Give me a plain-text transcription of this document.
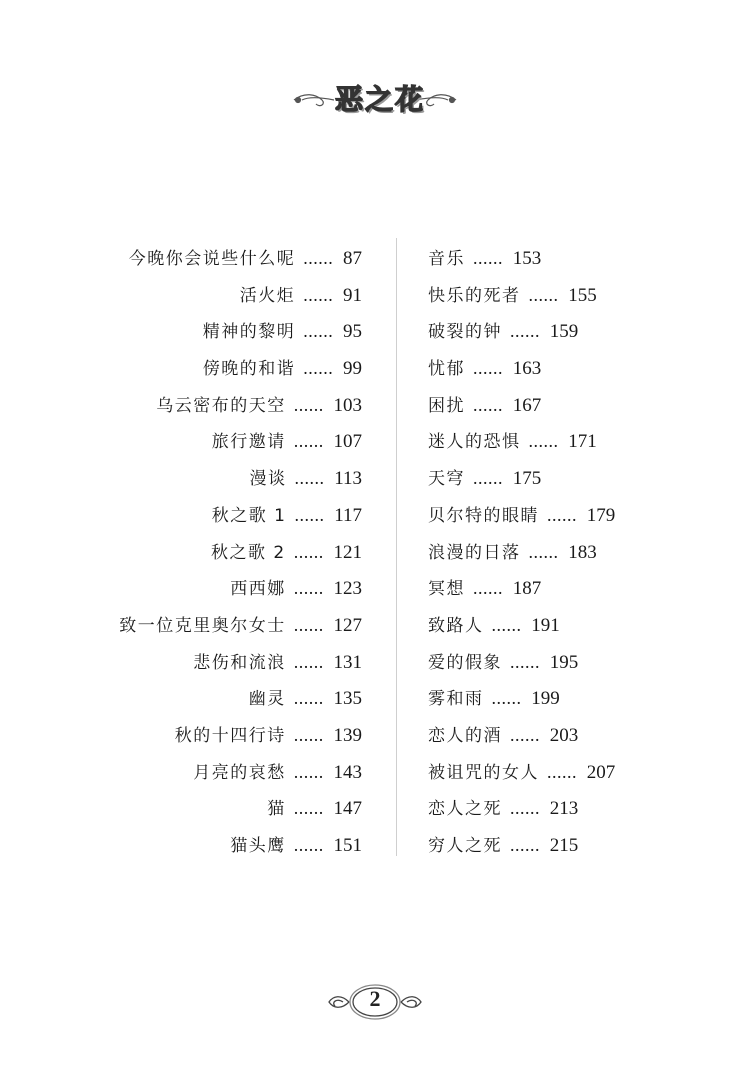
恶之花
今晚你会说些什么呢 ...... 87
活火炬 ...... 91
精神的黎明 ...... 95
傍晚的和谐 ...... 99
乌云密布的天空 ...... 103
旅行邀请 ...... 107
漫谈 ...... 113
秋之歌 1 ...... 117
秋之歌 2 ...... 121
西西娜 ...... 123
致一位克里奥尔女士 ...... 127
悲伤和流浪 ...... 131
幽灵 ...... 135
秋的十四行诗 ...... 139
月亮的哀愁 ...... 143
猫 ...... 147
猫头鹰 ...... 151
音乐 ...... 153
快乐的死者 ...... 155
破裂的钟 ...... 159
忧郁 ...... 163
困扰 ...... 167
迷人的恐惧 ...... 171
天穹 ...... 175
贝尔特的眼睛 ...... 179
浪漫的日落 ...... 183
冥想 ...... 187
致路人 ...... 191
爱的假象 ...... 195
雾和雨 ...... 199
恋人的酒 ...... 203
被诅咒的女人 ...... 207
恋人之死 ...... 213
穷人之死 ...... 215
2
